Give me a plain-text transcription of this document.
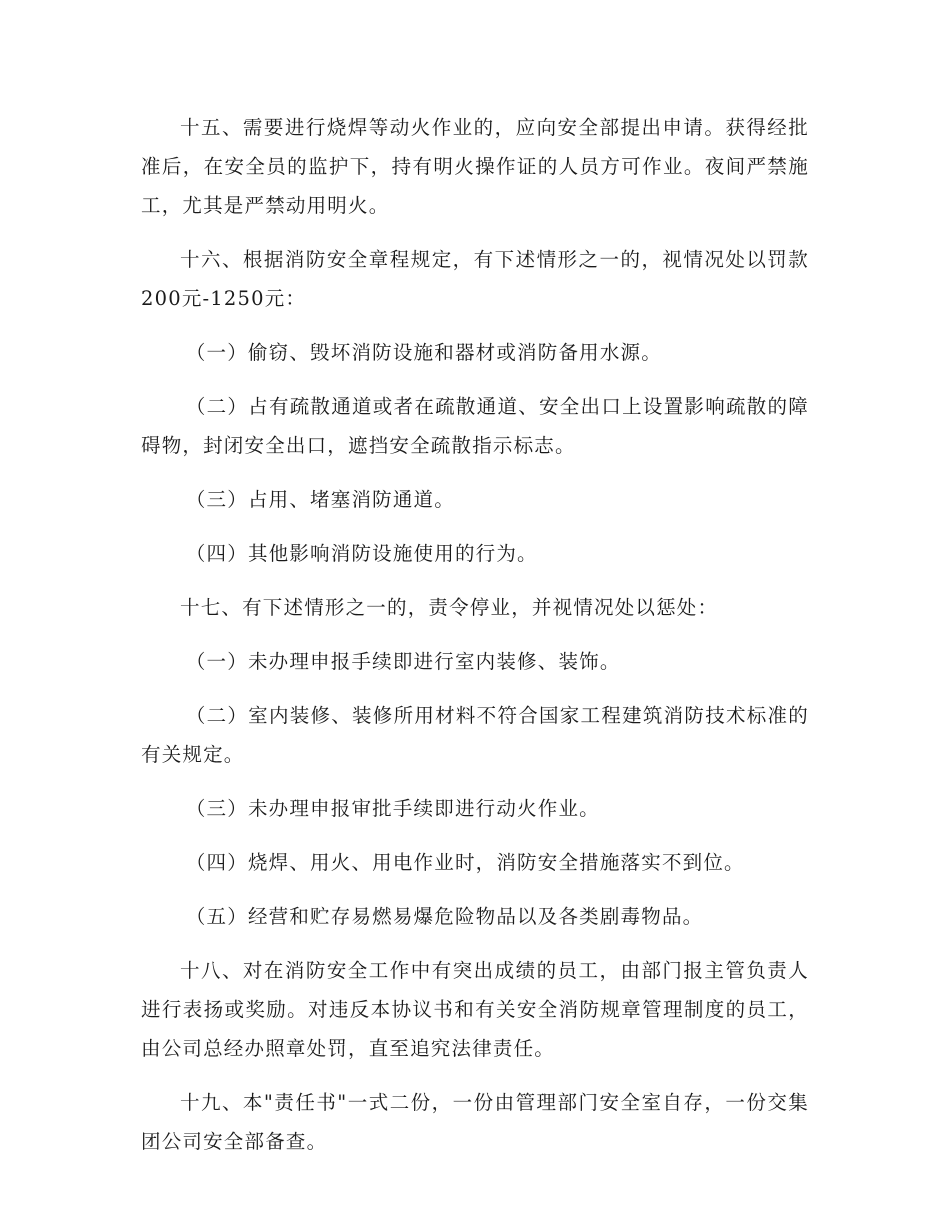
十五、需要进行烧焊等动火作业的，应向安全部提出申请。获得经批准后，在安全员的监护下，持有明火操作证的人员方可作业。夜间严禁施工，尤其是严禁动用明火。

十六、根据消防安全章程规定，有下述情形之一的，视情况处以罚款200元-1250元：

（一）偷窃、毁坏消防设施和器材或消防备用水源。

（二）占有疏散通道或者在疏散通道、安全出口上设置影响疏散的障碍物，封闭安全出口，遮挡安全疏散指示标志。

（三）占用、堵塞消防通道。

（四）其他影响消防设施使用的行为。

十七、有下述情形之一的，责令停业，并视情况处以惩处：

（一）未办理申报手续即进行室内装修、装饰。

（二）室内装修、装修所用材料不符合国家工程建筑消防技术标准的有关规定。

（三）未办理申报审批手续即进行动火作业。

（四）烧焊、用火、用电作业时，消防安全措施落实不到位。

（五）经营和贮存易燃易爆危险物品以及各类剧毒物品。

十八、对在消防安全工作中有突出成绩的员工，由部门报主管负责人进行表扬或奖励。对违反本协议书和有关安全消防规章管理制度的员工，由公司总经办照章处罚，直至追究法律责任。

十九、本"责任书"一式二份，一份由管理部门安全室自存，一份交集团公司安全部备查。
